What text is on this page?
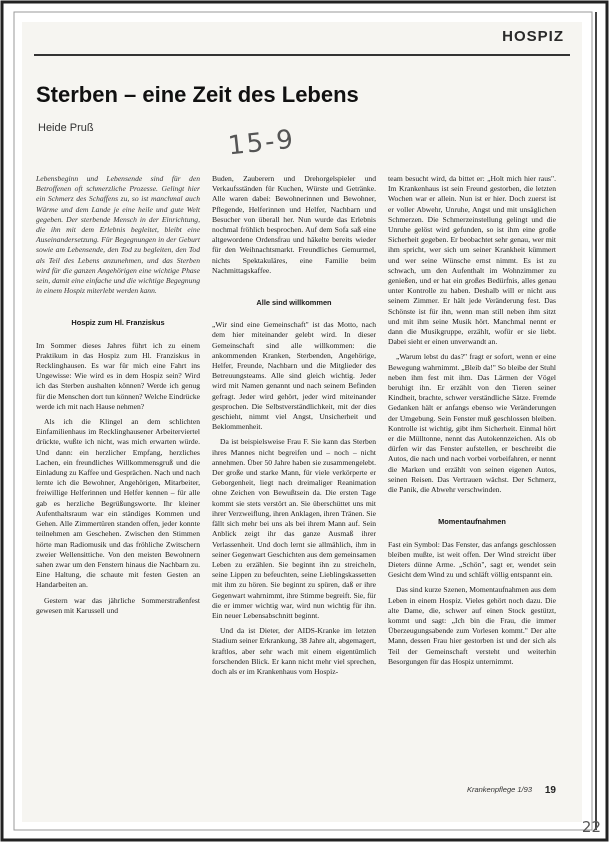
HOSPIZ
Sterben – eine Zeit des Lebens
Heide Pruß	15-9

Lebensbeginn und Lebensende sind für den Betroffenen oft schmerzliche Prozesse. Gelingt hier ein Schmerz des Schaffens zu, so ist manchmal auch Wärme und dem Lande je eine heile und gute Welt gegeben. Der sterbende Mensch in der Einrichtung, die ihn mit dem Erlebnis begleitet, bleibt eine Auseinandersetzung. Für Begegnungen in der Geburt sowie am Lebensende, den Tod zu begleiten, den Tod als Teil des Lebens anzunehmen, und das Sterben wird für die ganzen Angehörigen eine wichtige Phase sein, damit eine einfache und die wichtige Begegnung in einem Hospiz miterlebt werden kann.

Hospiz zum Hl. Franziskus

Im Sommer dieses Jahres führt ich zu einem Praktikum in das Hospiz zum Hl. Franziskus in Recklinghausen. Es war für mich eine Fahrt ins Ungewisse: Wie wird es in dem Hospiz sein? Wird ich das Sterben aushalten können? Werde ich genug für die Menschen dort tun können? Welche Eindrücke werde ich mit nach Hause nehmen?

Als ich die Klingel an dem schlichten Einfamilienhaus im Recklinghausener Arbeiterviertel drückte, wußte ich nicht, was mich erwarten würde. Und dann: ein herzlicher Empfang, herzliches Lachen, ein freundliches Willkommensgruß und die Einladung zu Kaffee und Gesprächen. Nach und nach lernte ich die Bewohner, Angehörigen, Mitarbeiter, freiwillige Helferinnen und Helfer kennen – für alle gab es herzliche Begrüßungsworte. Ihr kleiner Aufenthaltsraum war ein ständiges Kommen und Gehen. Alle Zimmertüren standen offen, jeder konnte teilnehmen am Geschehen. Zwischen den Stimmen hörte man Radiomusik und das fröhliche Zwitschern zweier Wellensittiche. Von den meisten Bewohnern sahen zwar um den Fenstern hinaus die Nachbarn zu. Eine Haltung, die schaute mit festen Gesten an Handarbeiten an.

Gestern war das jährliche Sommerstraßenfest gewesen mit Karussell und

Buden, Zauberern und Drehorgelspieler und Verkaufsständen für Kuchen, Würste und Getränke. Alle waren dabei: Bewohnerinnen und Bewohner, Pflegende, Helferinnen und Helfer, Nachbarn und Besucher von überall her. Nun wurde das Erlebnis nochmal fröhlich besprochen. Auf dem Sofa saß eine altgewordene Ordensfrau und häkelte bereits wieder für den Weihnachtsmarkt. Freundliches Gemurmel, nichts Spektakuläres, eine Familie beim Nachmittagskaffee.

Alle sind willkommen

„Wir sind eine Gemeinschaft" ist das Motto, nach dem hier miteinander gelebt wird. In dieser Gemeinschaft sind alle willkommen: die ankommenden Kranken, Sterbenden, Angehörige, Helfer, Freunde, Nachbarn und die Mitglieder des Betreuungsteams. Alle sind gleich wichtig. Jeder wird mit Namen genannt und nach seinem Befinden gefragt. Jeder wird gehört, jeder wird miteinander gesprochen. Die Selbstverständlichkeit, mit der dies geschieht, nimmt viel Angst, Unsicherheit und Beklommenheit.

Da ist beispielsweise Frau F. Sie kann das Sterben ihres Mannes nicht begreifen und – noch – nicht annehmen. Über 50 Jahre haben sie zusammengelebt. Der große und starke Mann, für viele verkörperte er Geborgenheit, liegt nach dreimaliger Reanimation ohne Zeichen von Bewußtsein da. Die ersten Tage kommt sie stets verstört an. Sie überschüttet uns mit ihrer Verzweiflung, ihren Anklagen, ihren Tränen. Sie fällt sich mehr bei uns als bei ihrem Mann auf. Sein Anblick zeigt ihr das ganze Ausmaß ihrer Verlassenheit. Und doch lernt sie allmählich, ihm in seiner Gegenwart Geschichten aus dem gemeinsamen Leben zu erzählen. Sie beginnt ihn zu streicheln, seine Lippen zu befeuchten, seine Lieblingskassetten mit ihm zu hören. Sie beginnt zu spüren, daß er ihre Gegenwart wahrnimmt, ihre Stimme begreift. Sie, für die er immer wichtig war, wird nun wichtig für ihn. Ein neuer Lebensabschnitt beginnt.

Und da ist Dieter, der AIDS-Kranke im letzten Stadium seiner Erkrankung, 38 Jahre alt, abgemagert, kraftlos, aber sehr wach mit einem eigentümlich forschenden Blick. Er kann nicht mehr viel sprechen, doch als er im Krankenhaus vom Hospiz-

team besucht wird, da bittet er: „Holt mich hier raus". Im Krankenhaus ist sein Freund gestorben, die letzten Wochen war er allein. Nun ist er hier. Doch zuerst ist er voller Abwehr, Unruhe, Angst und mit unsäglichen Schmerzen. Die Schmerzeinstellung gelingt und die Unruhe gelöst wird gefunden, so ist ihm eine große Sicherheit gegeben. Er beobachtet sehr genau, wer mit ihm spricht, wer sich um seiner Krankheit kümmert und wer seine Wünsche ernst nimmt. Es ist zu schwach, um den Aufenthalt im Wohnzimmer zu genießen, und er hat ein großes Bedürfnis, alles genau unter Kontrolle zu haben. Deshalb will er nicht aus seinem Zimmer. Er hält jede Veränderung fest. Das Schönste ist für ihn, wenn man still neben ihm sitzt und mit ihm seine Musik hört. Manchmal nennt er dann die Musikgruppe, erzählt, wofür er sie liebt. Dabei sieht er einen unverwandt an.

„Warum lebst du das?" fragt er sofort, wenn er eine Bewegung wahrnimmt. „Bleib da!" So bleibe der Stuhl neben ihm fest mit ihm. Das Lärmen der Vögel beruhigt ihn. Er erzählt von den Tieren seiner Kindheit, brachte, schwer verständliche Sätze. Fremde Gedanken hält er anfangs ebenso wie Veränderungen der Umgebung. Sein Fenster muß geschlossen bleiben. Kontrolle ist wichtig, gibt ihm Sicherheit. Einmal hört er die Mülltonne, nennt das Autokennzeichen. Als ob dürfen wir das Fenster aufstellen, er beschreibt die Autos, die nach und nach vorbei vorbeifahren, er nennt die Marken und erzählt von seinen eigenen Autos, seinen Reisen. Das Vertrauen wächst. Der Schmerz, die Panik, die Abwehr verschwinden.

Momentaufnahmen

Fast ein Symbol: Das Fenster, das anfangs geschlossen bleiben mußte, ist weit offen. Der Wind streicht über Dieters dünne Arme. „Schön", sagt er, wendet sein Gesicht dem Wind zu und schläft völlig entspannt ein.

Das sind kurze Szenen, Momentaufnahmen aus dem Leben in einem Hospiz. Vieles gehört noch dazu. Die alte Dame, die, schwer auf einen Stock gestützt, kommt und sagt: „Ich bin die Frau, die immer Überzeugungsabende zum Vorlesen kommt." Der alte Mann, dessen Frau hier gestorben ist und der sich als Teil der Gemeinschaft versteht und weiterhin Besorgungen für das Hospiz unternimmt.

Krankenpflege 1/93 19
22
